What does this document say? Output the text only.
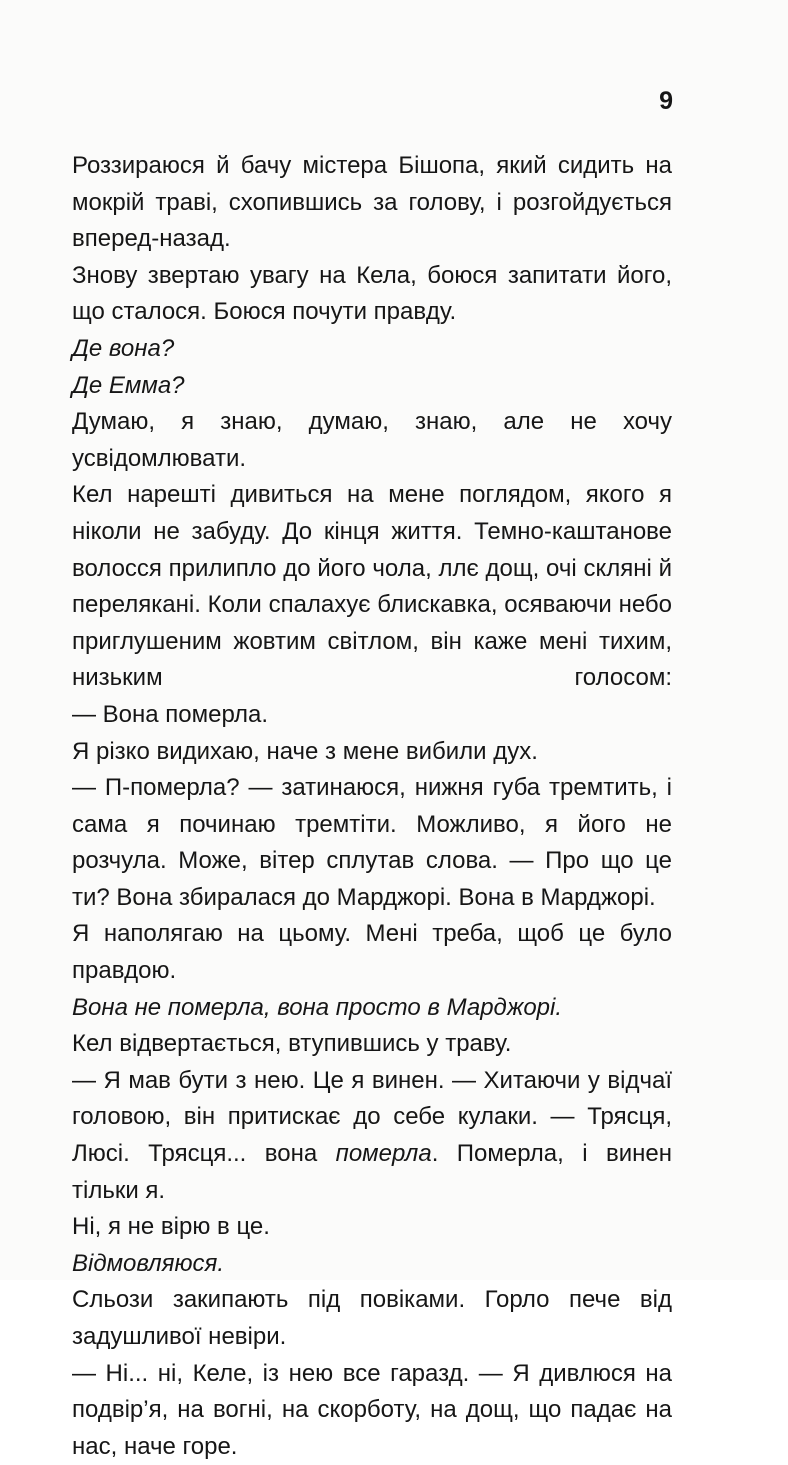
9

Роззираюся й бачу містера Бішопа, який сидить на мокрій траві, схопившись за голову, і розгойдується вперед-назад.

Знову звертаю увагу на Кела, боюся запитати його, що сталося. Боюся почути правду.

Де вона?

Де Емма?

Думаю, я знаю, думаю, знаю, але не хочу усвідомлювати.

Кел нарешті дивиться на мене поглядом, якого я ніколи не забуду. До кінця життя. Темно-каштанове волосся прилипло до його чола, ллє дощ, очі скляні й перелякані. Коли спалахує блискавка, осяваючи небо приглушеним жовтим світлом, він каже мені тихим, низьким голосом:

— Вона померла.

Я різко видихаю, наче з мене вибили дух.

— П-померла? — затинаюся, нижня губа тремтить, і сама я починаю тремтіти. Можливо, я його не розчула. Може, вітер сплутав слова. — Про що це ти? Вона збиралася до Марджорі. Вона в Марджорі.

Я наполягаю на цьому. Мені треба, щоб це було правдою.

Вона не померла, вона просто в Марджорі.

Кел відвертається, втупившись у траву.

— Я мав бути з нею. Це я винен. — Хитаючи у відчаї головою, він притискає до себе кулаки. — Трясця, Люсі. Трясця... вона померла. Померла, і винен тільки я.

Ні, я не вірю в це.

Відмовляюся.

Сльози закипають під повіками. Горло пече від задушливої невіри.

— Ні... ні, Келе, із нею все гаразд. — Я дивлюся на подвір’я, на вогні, на скорботу, на дощ, що падає на нас, наче горе.
